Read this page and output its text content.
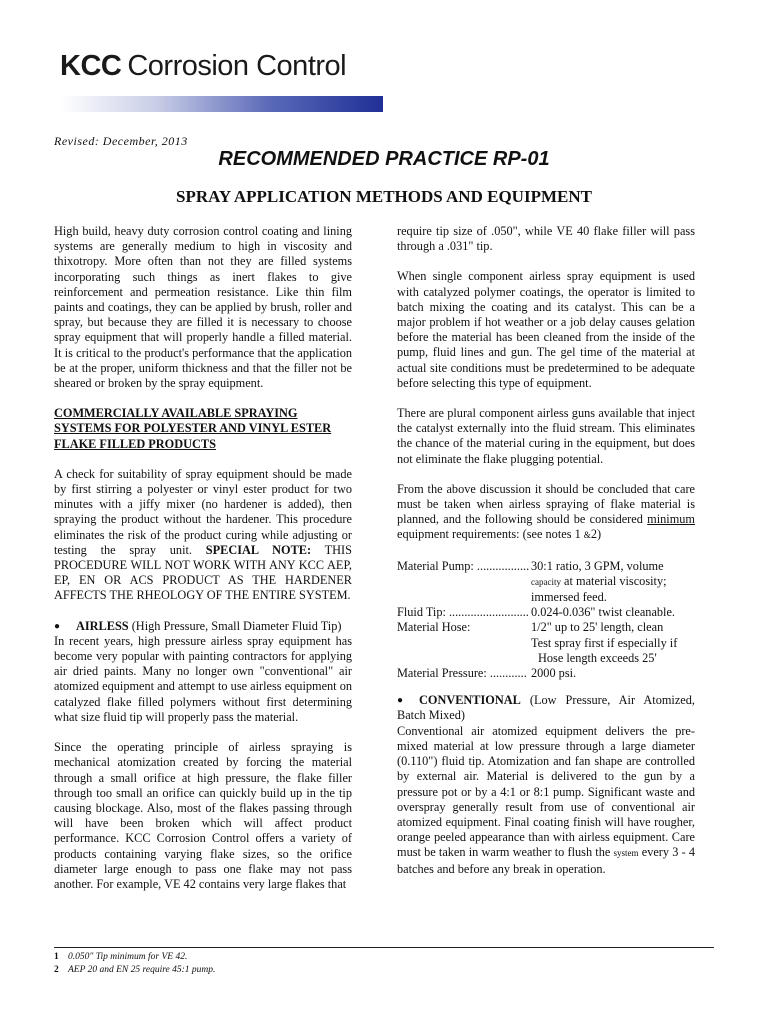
KCC Corrosion Control
Revised: December, 2013
RECOMMENDED PRACTICE RP-01
SPRAY APPLICATION METHODS AND EQUIPMENT

High build, heavy duty corrosion control coating and lining systems are generally medium to high in viscosity and thixotropy. More often than not they are filled systems incorporating such things as inert flakes to give reinforcement and permeation resistance. Like thin film paints and coatings, they can be applied by brush, roller and spray, but because they are filled it is necessary to choose spray equipment that will properly handle a filled material. It is critical to the product's performance that the application be at the proper, uniform thickness and that the filler not be sheared or broken by the spray equipment.

COMMERCIALLY AVAILABLE SPRAYING SYSTEMS FOR POLYESTER AND VINYL ESTER FLAKE FILLED PRODUCTS

A check for suitability of spray equipment should be made by first stirring a polyester or vinyl ester product for two minutes with a jiffy mixer (no hardener is added), then spraying the product without the hardener. This procedure eliminates the risk of the product curing while adjusting or testing the spray unit. SPECIAL NOTE: THIS PROCEDURE WILL NOT WORK WITH ANY KCC AEP, EP, EN OR ACS PRODUCT AS THE HARDENER AFFECTS THE RHEOLOGY OF THE ENTIRE SYSTEM.

● AIRLESS (High Pressure, Small Diameter Fluid Tip)

In recent years, high pressure airless spray equipment has become very popular with painting contractors for applying air dried paints. Many no longer own "conventional" air atomized equipment and attempt to use airless equipment on catalyzed flake filled polymers without first determining what size fluid tip will properly pass the material.

Since the operating principle of airless spraying is mechanical atomization created by forcing the material through a small orifice at high pressure, the flake filler through too small an orifice can quickly build up in the tip causing blockage. Also, most of the flakes passing through will have been broken which will affect product performance. KCC Corrosion Control offers a variety of products containing varying flake sizes, so the orifice diameter large enough to pass one flake may not pass another. For example, VE 42 contains very large flakes that

require tip size of .050", while VE 40 flake filler will pass through a .031" tip.

When single component airless spray equipment is used with catalyzed polymer coatings, the operator is limited to batch mixing the coating and its catalyst. This can be a major problem if hot weather or a job delay causes gelation before the material has been cleaned from the inside of the pump, fluid lines and gun. The gel time of the material at actual site conditions must be predetermined to be adequate before selecting this type of equipment.

There are plural component airless guns available that inject the catalyst externally into the fluid stream. This eliminates the chance of the material curing in the equipment, but does not eliminate the flake plugging potential.

From the above discussion it should be concluded that care must be taken when airless spraying of flake material is planned, and the following should be considered minimum equipment requirements: (see notes 1 &2)

Material Pump: ................. 30:1 ratio, 3 GPM, volume
capacity at material viscosity;
immersed feed.
Fluid Tip: .......................... 0.024-0.036" twist cleanable.
Material Hose:	1/2" up to 25' length, clean
Test spray first if especially if
Hose length exceeds 25'
Material Pressure: ............ 2000 psi.
● CONVENTIONAL (Low Pressure, Air Atomized, Batch Mixed)

Conventional air atomized equipment delivers the pre-mixed material at low pressure through a large diameter (0.110") fluid tip. Atomization and fan shape are controlled by external air. Material is delivered to the gun by a pressure pot or by a 4:1 or 8:1 pump. Significant waste and overspray generally result from use of conventional air atomized equipment. Final coating finish will have rougher, orange peeled appearance than with airless equipment. Care must be taken in warm weather to flush the system every 3 - 4 batches and before any break in operation.

1 0.050" Tip minimum for VE 42.
2 AEP 20 and EN 25 require 45:1 pump.
